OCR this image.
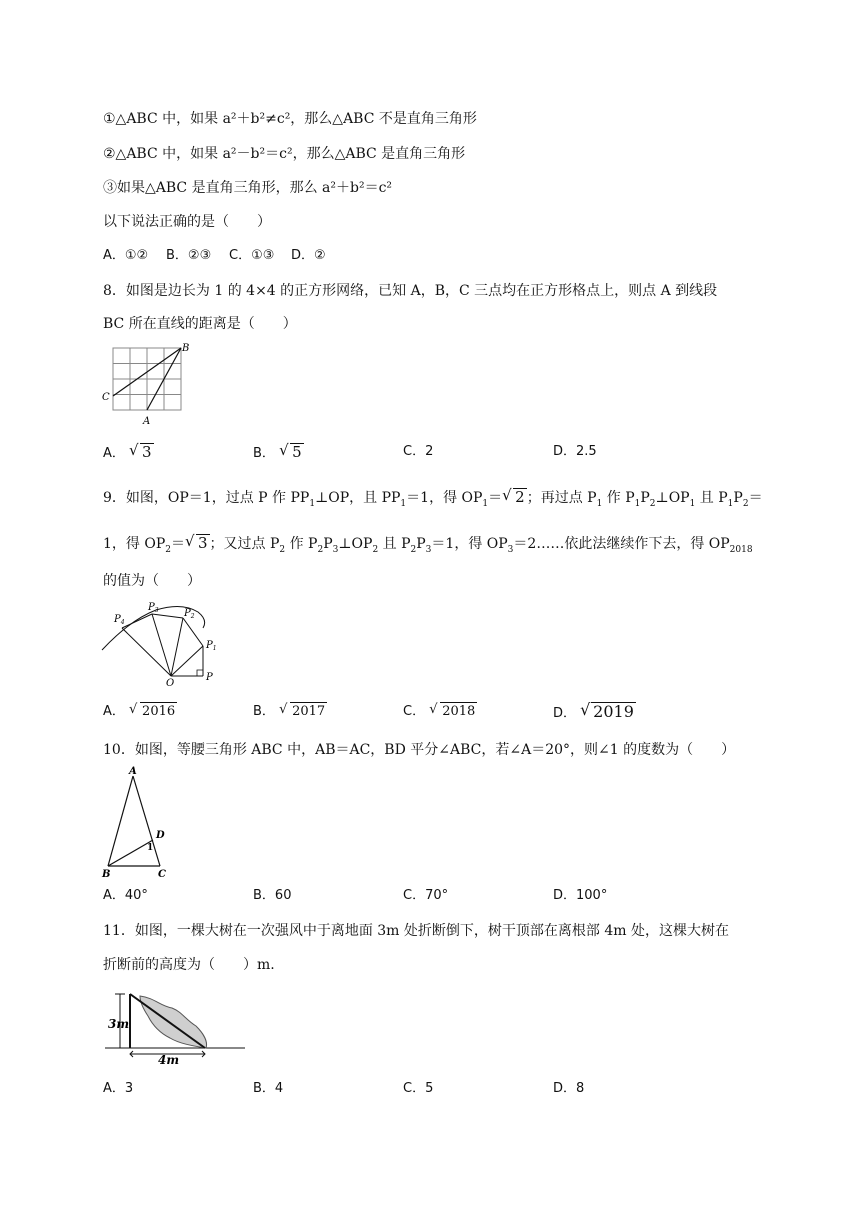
①△ABC 中，如果 a²＋b²≠c²，那么△ABC 不是直角三角形
②△ABC 中，如果 a²－b²＝c²，那么△ABC 是直角三角形
③如果△ABC 是直角三角形，那么 a²＋b²＝c²
以下说法正确的是（　　）
A．①② B．②③ C．①③ D．②
8．如图是边长为 1 的 4×4 的正方形网络，已知 A，B，C 三点均在正方形格点上，则点 A 到线段
BC 所在直线的距离是（　　）
B
C
A
A． √ 3	B． √ 5	C．2	D．2.5
9．如图，OP＝1，过点 P 作 $PP_1\perp OP$，且 $PP_1=1$，得 $OP_1=$ √ 2 ；再过点 $P_1$ 作 $P_1P_2\perp OP_1$ 且 $P_1P_2=$
1，得 $OP_2=$ √ 3 ；又过点 $P_2$ 作 $P_2P_3\perp OP_2$ 且 $P_2P_3=1$，得 $OP_3=2\dots\dots$依此法继续作下去，得 $OP_{2018}$
的值为（　　）
O
P
$P_1$
$P_2$
$P_3$
$P_4$
A． √ 2016	B． √ 2017	C． √ 2018	D． √ 2019
10．如图，等腰三角形 ABC 中，AB＝AC，BD 平分∠ABC，若∠A＝20°，则∠1 的度数为（　　）
A
B	C
D
1
A．40°	B．60	C．70°	D．100°
11．如图，一棵大树在一次强风中于离地面 3m 处折断倒下，树干顶部在离根部 4m 处，这棵大树在
折断前的高度为（　　）m.
3m
4m
A．3	B．4	C．5	D．8
